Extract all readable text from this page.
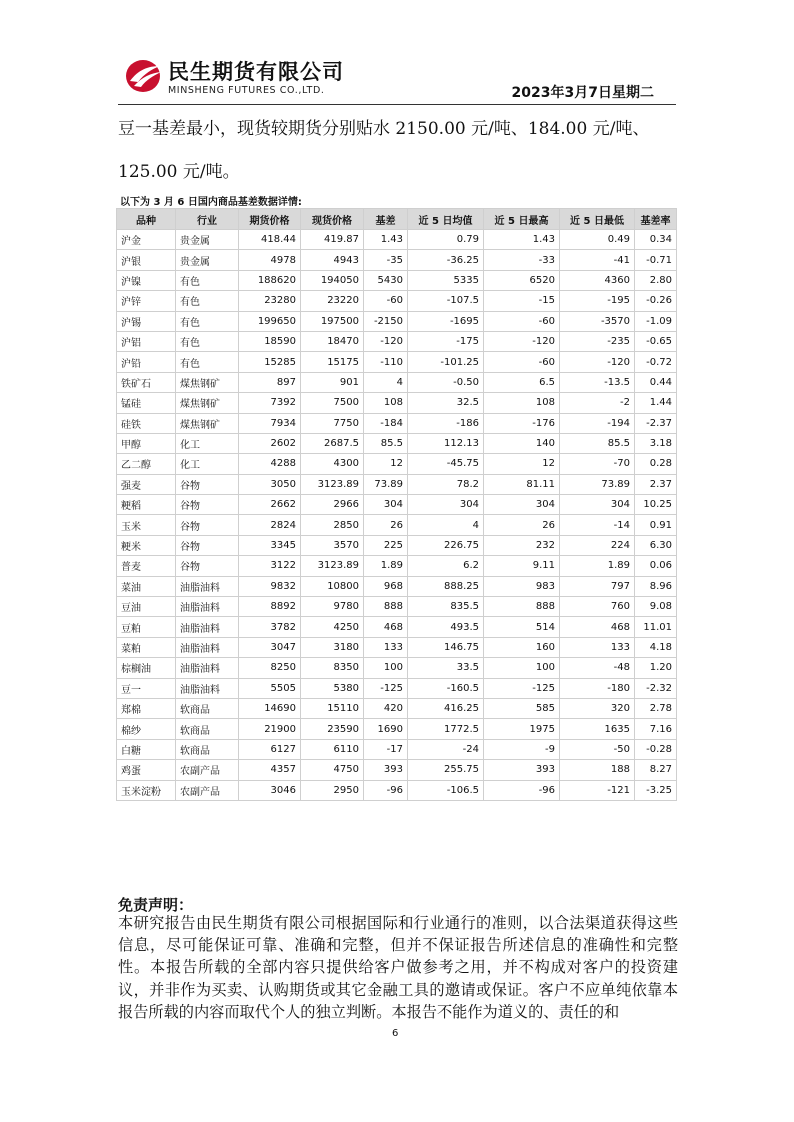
民生期货有限公司
MINSHENG FUTURES CO.,LTD.	2023年3月7日星期二
豆一基差最小，现货较期货分别贴水 2150.00 元/吨、184.00 元/吨、
125.00 元/吨。
以下为 3 月 6 日国内商品基差数据详情:
品种	行业	期货价格	现货价格	基差	近 5 日均值	近 5 日最高	近 5 日最低	基差率
沪金	贵金属	418.44	419.87	1.43	0.79	1.43	0.49	0.34
沪银	贵金属	4978	4943	-35	-36.25	-33	-41	-0.71
沪镍	有色	188620	194050	5430	5335	6520	4360	2.80
沪锌	有色	23280	23220	-60	-107.5	-15	-195	-0.26
沪锡	有色	199650	197500	-2150	-1695	-60	-3570	-1.09
沪铝	有色	18590	18470	-120	-175	-120	-235	-0.65
沪铅	有色	15285	15175	-110	-101.25	-60	-120	-0.72
铁矿石	煤焦钢矿	897	901	4	-0.50	6.5	-13.5	0.44
锰硅	煤焦钢矿	7392	7500	108	32.5	108	-2	1.44
硅铁	煤焦钢矿	7934	7750	-184	-186	-176	-194	-2.37
甲醇	化工	2602	2687.5	85.5	112.13	140	85.5	3.18
乙二醇	化工	4288	4300	12	-45.75	12	-70	0.28
强麦	谷物	3050	3123.89	73.89	78.2	81.11	73.89	2.37
粳稻	谷物	2662	2966	304	304	304	304	10.25
玉米	谷物	2824	2850	26	4	26	-14	0.91
粳米	谷物	3345	3570	225	226.75	232	224	6.30
普麦	谷物	3122	3123.89	1.89	6.2	9.11	1.89	0.06
菜油	油脂油料	9832	10800	968	888.25	983	797	8.96
豆油	油脂油料	8892	9780	888	835.5	888	760	9.08
豆粕	油脂油料	3782	4250	468	493.5	514	468	11.01
菜粕	油脂油料	3047	3180	133	146.75	160	133	4.18
棕榈油	油脂油料	8250	8350	100	33.5	100	-48	1.20
豆一	油脂油料	5505	5380	-125	-160.5	-125	-180	-2.32
郑棉	软商品	14690	15110	420	416.25	585	320	2.78
棉纱	软商品	21900	23590	1690	1772.5	1975	1635	7.16
白糖	软商品	6127	6110	-17	-24	-9	-50	-0.28
鸡蛋	农副产品	4357	4750	393	255.75	393	188	8.27
玉米淀粉	农副产品	3046	2950	-96	-106.5	-96	-121	-3.25
免责声明：
本研究报告由民生期货有限公司根据国际和行业通行的准则，以合法渠道获得这些信息，尽可能保证可靠、准确和完整，但并不保证报告所述信息的准确性和完整性。本报告所载的全部内容只提供给客户做参考之用，并不构成对客户的投资建议，并非作为买卖、认购期货或其它金融工具的邀请或保证。客户不应单纯依靠本报告所载的内容而取代个人的独立判断。本报告不能作为道义的、责任的和
6
